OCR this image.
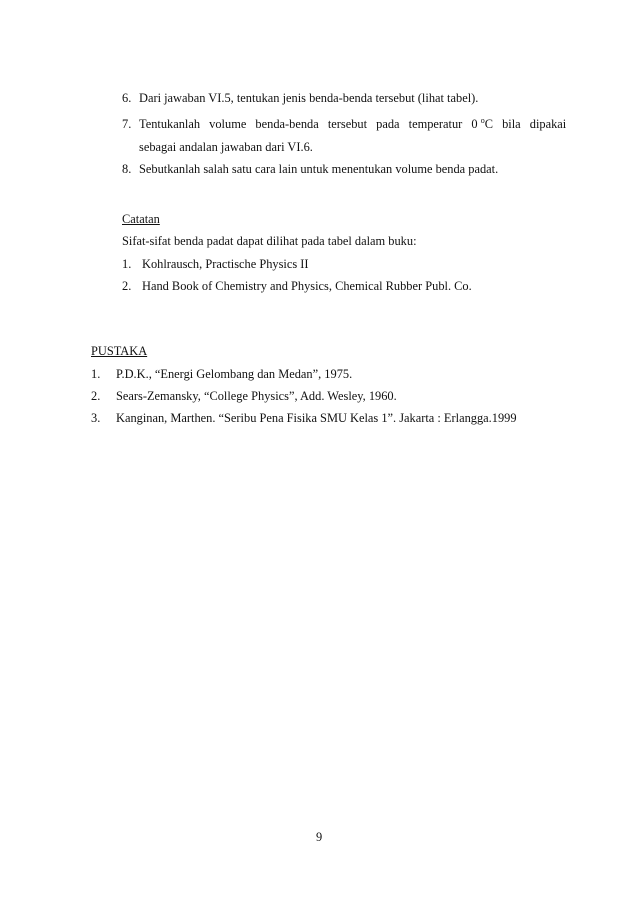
6. Dari jawaban VI.5, tentukan jenis benda-benda tersebut (lihat tabel).
7. Tentukanlah volume benda-benda tersebut pada temperatur 0 $^o$C bila dipakai
sebagai andalan jawaban dari VI.6.
8. Sebutkanlah salah satu cara lain untuk menentukan volume benda padat.
Catatan
Sifat-sifat benda padat dapat dilihat pada tabel dalam buku:
1. Kohlrausch, Practische Physics II
2. Hand Book of Chemistry and Physics, Chemical Rubber Publ. Co.
PUSTAKA
1. P.D.K., “Energi Gelombang dan Medan”, 1975.
2. Sears-Zemansky, “College Physics”, Add. Wesley, 1960.
3. Kanginan, Marthen. “Seribu Pena Fisika SMU Kelas 1”. Jakarta : Erlangga.1999
9
